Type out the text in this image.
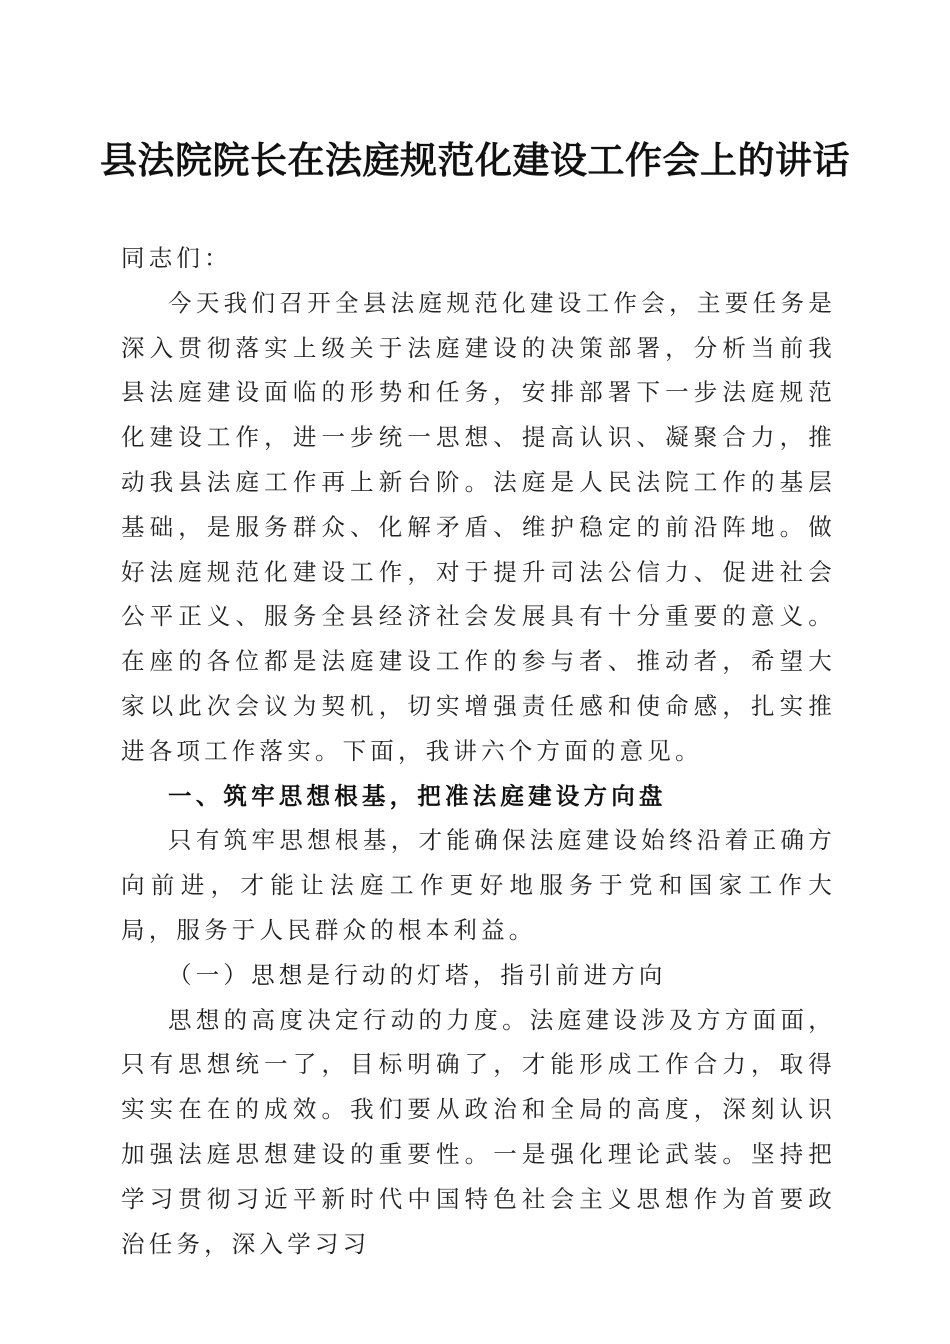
县法院院长在法庭规范化建设工作会上的讲话

同志们：

今天我们召开全县法庭规范化建设工作会，主要任务是深入贯彻落实上级关于法庭建设的决策部署，分析当前我县法庭建设面临的形势和任务，安排部署下一步法庭规范化建设工作，进一步统一思想、提高认识、凝聚合力，推动我县法庭工作再上新台阶。法庭是人民法院工作的基层基础，是服务群众、化解矛盾、维护稳定的前沿阵地。做好法庭规范化建设工作，对于提升司法公信力、促进社会公平正义、服务全县经济社会发展具有十分重要的意义。在座的各位都是法庭建设工作的参与者、推动者，希望大家以此次会议为契机，切实增强责任感和使命感，扎实推进各项工作落实。下面，我讲六个方面的意见。

一、筑牢思想根基，把准法庭建设方向盘

只有筑牢思想根基，才能确保法庭建设始终沿着正确方向前进，才能让法庭工作更好地服务于党和国家工作大局，服务于人民群众的根本利益。

（一）思想是行动的灯塔，指引前进方向

思想的高度决定行动的力度。法庭建设涉及方方面面，只有思想统一了，目标明确了，才能形成工作合力，取得实实在在的成效。我们要从政治和全局的高度，深刻认识加强法庭思想建设的重要性。一是强化理论武装。坚持把学习贯彻习近平新时代中国特色社会主义思想作为首要政治任务，深入学习习
